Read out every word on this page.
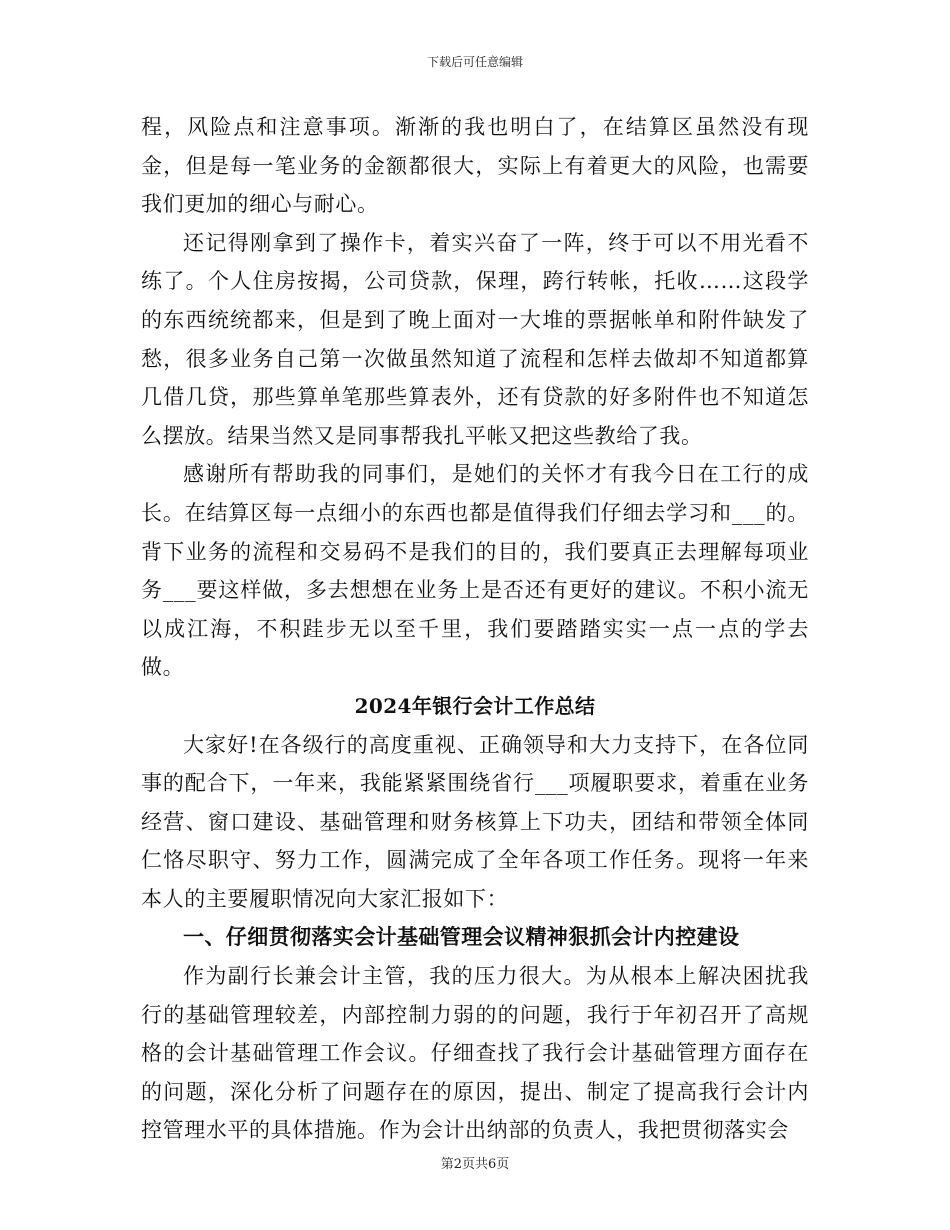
下载后可任意编辑

程，风险点和注意事项。渐渐的我也明白了，在结算区虽然没有现金，但是每一笔业务的金额都很大，实际上有着更大的风险，也需要我们更加的细心与耐心。

还记得刚拿到了操作卡，着实兴奋了一阵，终于可以不用光看不练了。个人住房按揭，公司贷款，保理，跨行转帐，托收……这段学的东西统统都来，但是到了晚上面对一大堆的票据帐单和附件缺发了愁，很多业务自己第一次做虽然知道了流程和怎样去做却不知道都算几借几贷，那些算单笔那些算表外，还有贷款的好多附件也不知道怎么摆放。结果当然又是同事帮我扎平帐又把这些教给了我。

感谢所有帮助我的同事们，是她们的关怀才有我今日在工行的成长。在结算区每一点细小的东西也都是值得我们仔细去学习和___的。背下业务的流程和交易码不是我们的目的，我们要真正去理解每项业务___要这样做，多去想想在业务上是否还有更好的建议。不积小流无以成江海，不积跬步无以至千里，我们要踏踏实实一点一点的学去做。

2024年银行会计工作总结

大家好!在各级行的高度重视、正确领导和大力支持下，在各位同事的配合下，一年来，我能紧紧围绕省行___项履职要求，着重在业务经营、窗口建设、基础管理和财务核算上下功夫，团结和带领全体同仁恪尽职守、努力工作，圆满完成了全年各项工作任务。现将一年来本人的主要履职情况向大家汇报如下：

一、仔细贯彻落实会计基础管理会议精神狠抓会计内控建设

作为副行长兼会计主管，我的压力很大。为从根本上解决困扰我行的基础管理较差，内部控制力弱的的问题，我行于年初召开了高规格的会计基础管理工作会议。仔细查找了我行会计基础管理方面存在的问题，深化分析了问题存在的原因，提出、制定了提高我行会计内控管理水平的具体措施。作为会计出纳部的负责人，我把贯彻落实会

第2页共6页
